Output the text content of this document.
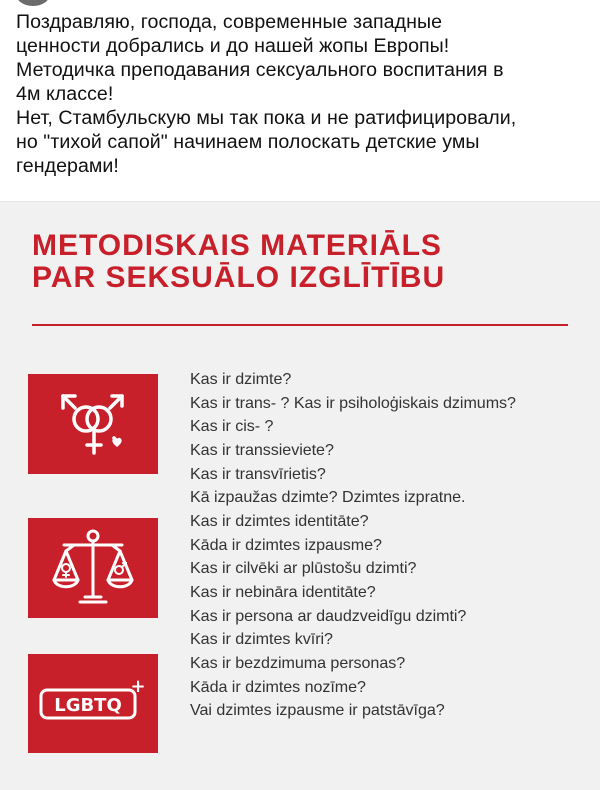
Поздравляю, господа, современные западные
ценности добрались и до нашей жопы Европы!
Методичка преподавания сексуального воспитания в
4м классе!
Нет, Стамбульскую мы так пока и не ратифицировали,
но "тихой сапой" начинаем полоскать детские умы
гендерами!
METODISKAIS MATERIĀLS
PAR SEKSUĀLO IZGLĪTĪBU
LGBTQ
+
Kas ir dzimte?
Kas ir trans- ? Kas ir psiholoģiskais dzimums?
Kas ir cis- ?
Kas ir transsieviete?
Kas ir transvīrietis?
Kā izpaužas dzimte? Dzimtes izpratne.
Kas ir dzimtes identitāte?
Kāda ir dzimtes izpausme?
Kas ir cilvēki ar plūstošu dzimti?
Kas ir nebināra identitāte?
Kas ir persona ar daudzveidīgu dzimti?
Kas ir dzimtes kvīri?
Kas ir bezdzimuma personas?
Kāda ir dzimtes nozīme?
Vai dzimtes izpausme ir patstāvīga?
